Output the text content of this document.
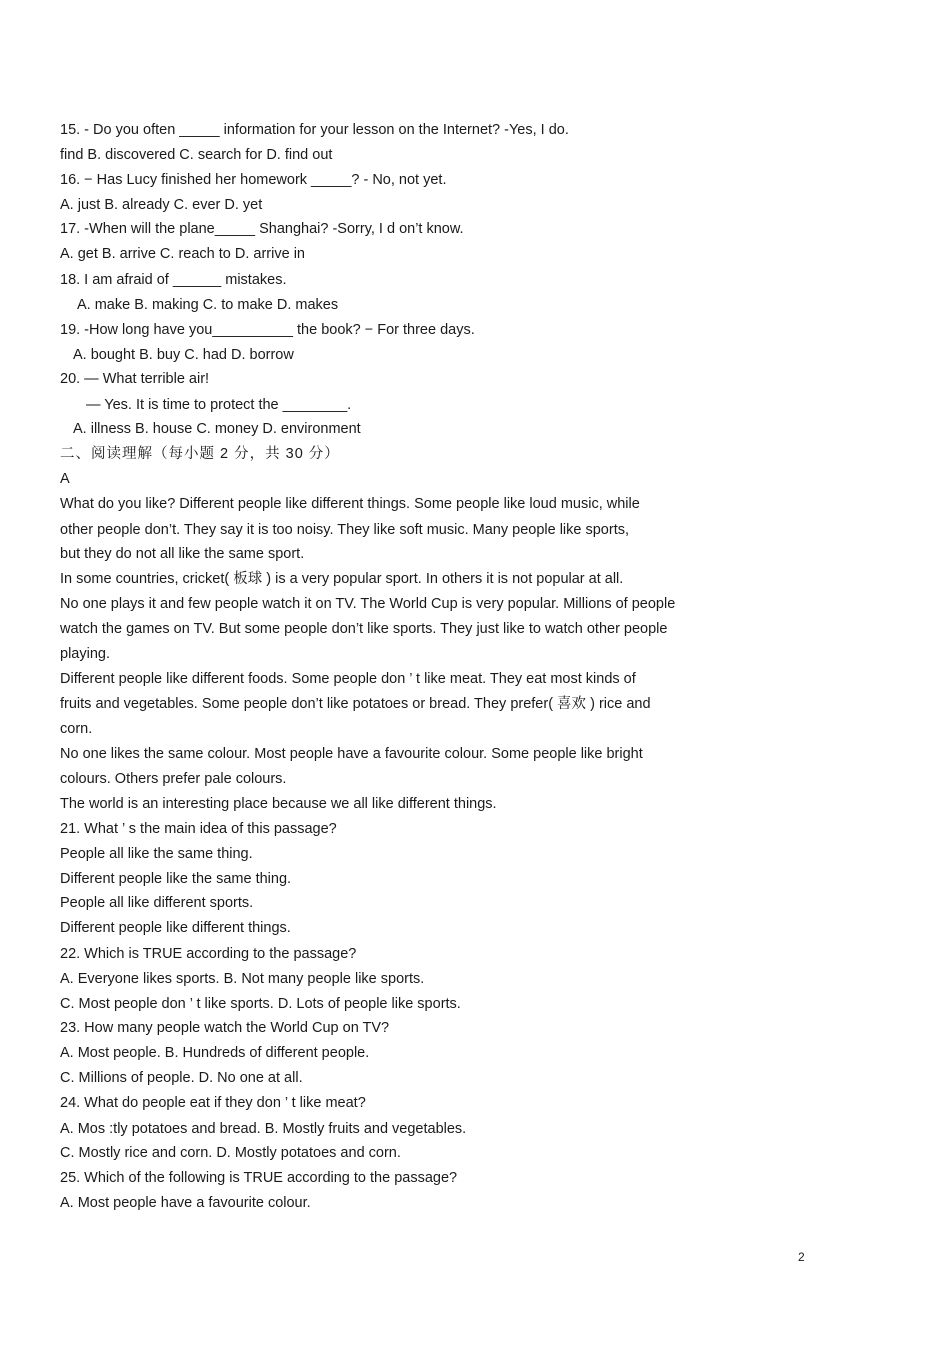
15. - Do you often _____ information for your lesson on the Internet? -Yes, I do.
find B. discovered C. search for D. find out
16. − Has Lucy finished her homework _____? - No, not yet.
A. just B. already C. ever D. yet
17. -When will the plane_____ Shanghai? -Sorry, I d on’t know.
A. get B. arrive C. reach to D. arrive in
18. I am afraid of ______ mistakes.
A. make B. making C. to make D. makes
19. -How long have you__________ the book? − For three days.
A. bought B. buy C. had D. borrow
20. — What terrible air!
— Yes. It is time to protect the ________.
A. illness B. house C. money D. environment
二、阅读理解（每小题 2 分，共 30 分）
A
What do you like? Different people like different things. Some people like loud music, while
other people don’t. They say it is too noisy. They like soft music. Many people like sports,
but they do not all like the same sport.
In some countries, cricket( 板球 ) is a very popular sport. In others it is not popular at all.
No one plays it and few people watch it on TV. The World Cup is very popular. Millions of people
watch the games on TV. But some people don’t like sports. They just like to watch other people
playing.
Different people like different foods. Some people don ’ t like meat. They eat most kinds of
fruits and vegetables. Some people don’t like potatoes or bread. They prefer( 喜欢 ) rice and
corn.
No one likes the same colour. Most people have a favourite colour. Some people like bright
colours. Others prefer pale colours.
The world is an interesting place because we all like different things.
21. What ’ s the main idea of this passage?
People all like the same thing.
Different people like the same thing.
People all like different sports.
Different people like different things.
22. Which is TRUE according to the passage?
A. Everyone likes sports. B. Not many people like sports.
C. Most people don ’ t like sports. D. Lots of people like sports.
23. How many people watch the World Cup on TV?
A. Most people. B. Hundreds of different people.
C. Millions of people. D. No one at all.
24. What do people eat if they don ’ t like meat?
A. Mos :tly potatoes and bread. B. Mostly fruits and vegetables.
C. Mostly rice and corn. D. Mostly potatoes and corn.
25. Which of the following is TRUE according to the passage?
A. Most people have a favourite colour.
2
